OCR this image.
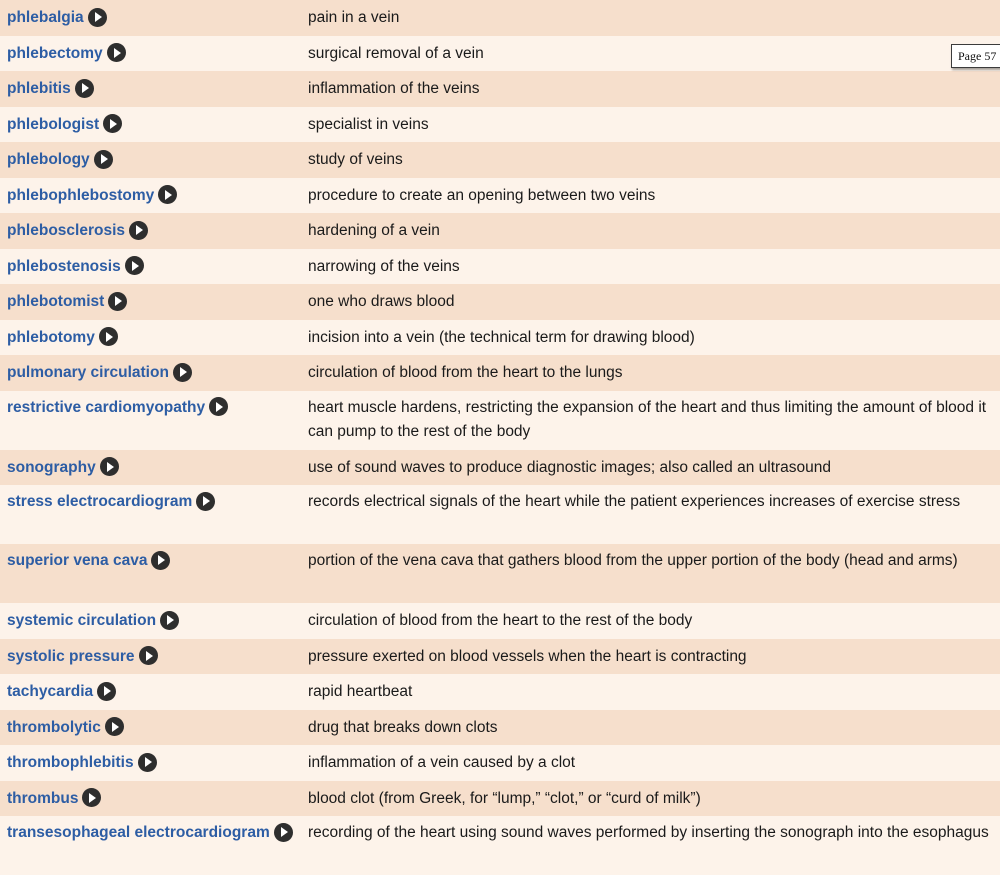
phlebalgia	pain in a vein
phlebectomy	surgical removal of a vein
phlebitis	inflammation of the veins
phlebologist	specialist in veins
phlebology	study of veins
phlebophlebostomy	procedure to create an opening between two veins
phlebosclerosis	hardening of a vein
phlebostenosis	narrowing of the veins
phlebotomist	one who draws blood
phlebotomy	incision into a vein (the technical term for drawing blood)
pulmonary circulation	circulation of blood from the heart to the lungs
restrictive cardiomyopathy	heart muscle hardens, restricting the expansion of the heart and thus limiting the amount of blood it can pump to the rest of the body
sonography	use of sound waves to produce diagnostic images; also called an ultrasound
stress electrocardiogram	records electrical signals of the heart while the patient experiences increases of exercise stress
superior vena cava	portion of the vena cava that gathers blood from the upper portion of the body (head and arms)
systemic circulation	circulation of blood from the heart to the rest of the body
systolic pressure	pressure exerted on blood vessels when the heart is contracting
tachycardia	rapid heartbeat
thrombolytic	drug that breaks down clots
thrombophlebitis	inflammation of a vein caused by a clot
thrombus	blood clot (from Greek, for “lump,” “clot,” or “curd of milk”)
transesophageal electrocardiogram	recording of the heart using sound waves performed by inserting the sonograph into the esophagus
Page 57
